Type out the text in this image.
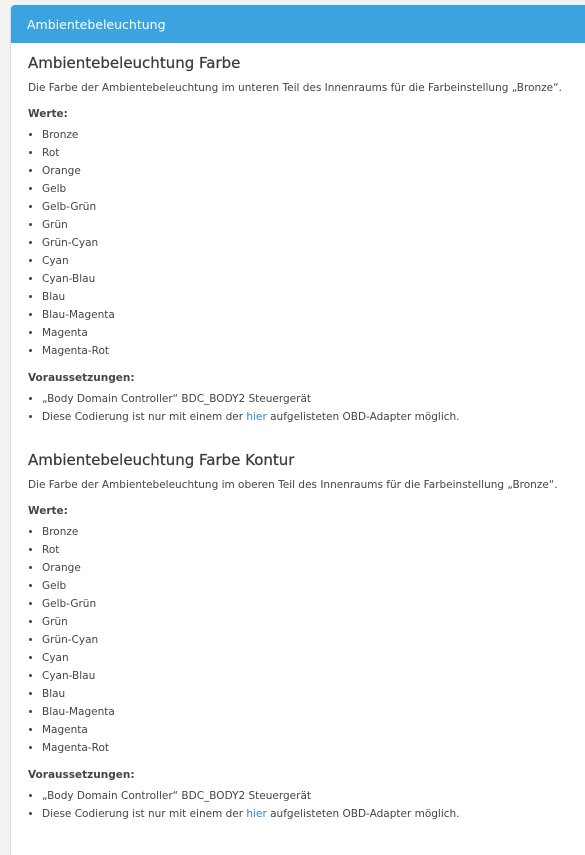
Ambientebeleuchtung
Ambientebeleuchtung Farbe

Die Farbe der Ambientebeleuchtung im unteren Teil des Innenraums für die Farbeinstellung „Bronze“.

Werte:
• Bronze
• Rot
• Orange
• Gelb
• Gelb-Grün
• Grün
• Grün-Cyan
• Cyan
• Cyan-Blau
• Blau
• Blau-Magenta
• Magenta
• Magenta-Rot
Voraussetzungen:
• „Body Domain Controller“ BDC_BODY2 Steuergerät
• Diese Codierung ist nur mit einem der hier aufgelisteten OBD-Adapter möglich.
Ambientebeleuchtung Farbe Kontur

Die Farbe der Ambientebeleuchtung im oberen Teil des Innenraums für die Farbeinstellung „Bronze“.

Werte:
• Bronze
• Rot
• Orange
• Gelb
• Gelb-Grün
• Grün
• Grün-Cyan
• Cyan
• Cyan-Blau
• Blau
• Blau-Magenta
• Magenta
• Magenta-Rot
Voraussetzungen:
• „Body Domain Controller“ BDC_BODY2 Steuergerät
• Diese Codierung ist nur mit einem der hier aufgelisteten OBD-Adapter möglich.
